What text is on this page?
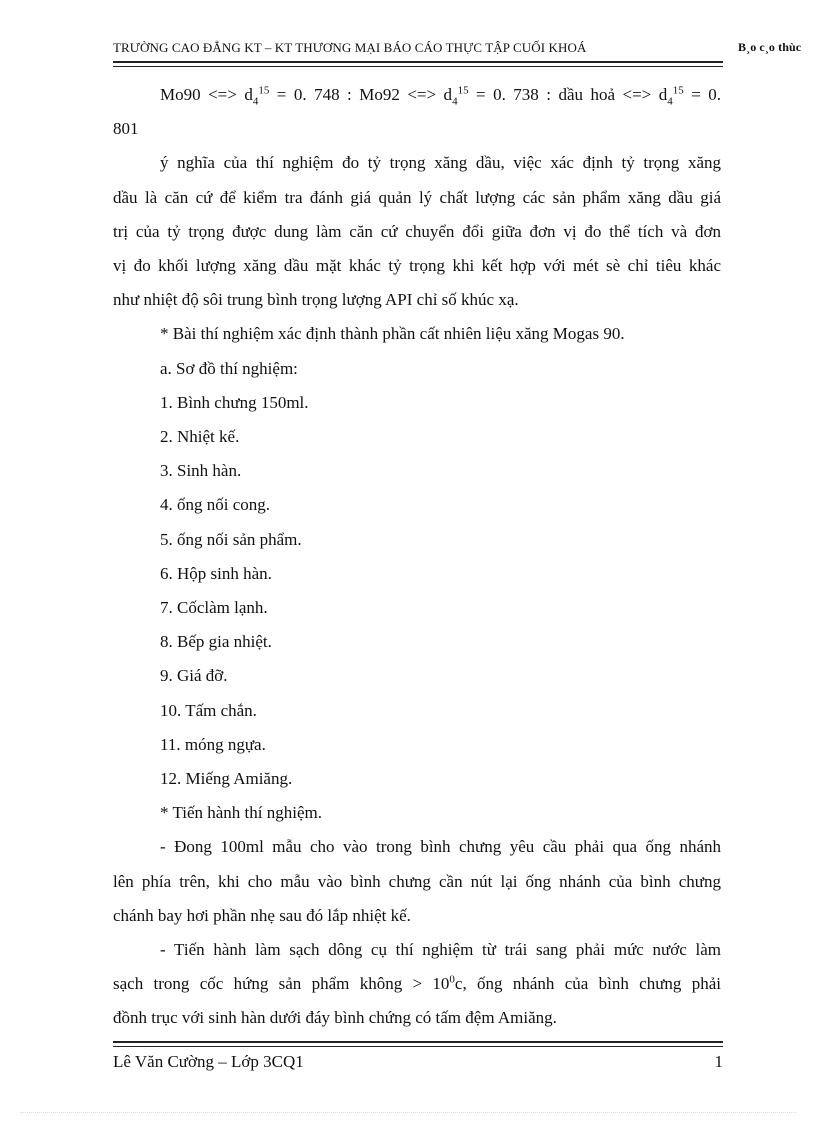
TRƯỜNG CAO ĐẲNG KT – KT THƯƠNG MẠI BÁO CÁO THỰC TẬP CUỐI KHOÁ	B¸o c¸o thùc

Mo90 <=> $d_4^{15} = 0$. 748 : Mo92 <=> $d_4^{15} = 0$. 738 : dầu hoả <=> $d_4^{15} = 0$.

801

ý nghĩa của thí nghiệm đo tỷ trọng xăng dầu, việc xác định tỷ trọng xăng

dầu là căn cứ để kiểm tra đánh giá quản lý chất lượng các sản phẩm xăng dầu giá

trị của tỷ trọng được dung làm căn cứ chuyển đổi giữa đơn vị đo thể tích và đơn

vị đo khối lượng xăng dầu mặt khác tỷ trọng khi kết hợp với mét sè chỉ tiêu khác

như nhiệt độ sôi trung bình trọng lượng API chỉ số khúc xạ.

* Bài thí nghiệm xác định thành phần cất nhiên liệu xăng Mogas 90.

a. Sơ đồ thí nghiệm:

1. Bình chưng 150ml.

2. Nhiệt kế.

3. Sinh hàn.

4. ống nối cong.

5. ống nối sản phẩm.

6. Hộp sinh hàn.

7. Cốclàm lạnh.

8. Bếp gia nhiệt.

9. Giá đỡ.

10. Tấm chắn.

11. móng ngựa.

12. Miếng Amiăng.

* Tiến hành thí nghiệm.

- Đong 100ml mẫu cho vào trong bình chưng yêu cầu phải qua ống nhánh

lên phía trên, khi cho mẫu vào bình chưng cần nút lại ống nhánh của bình chưng

chánh bay hơi phần nhẹ sau đó lắp nhiệt kế.

- Tiến hành làm sạch dông cụ thí nghiệm từ trái sang phải mức nước làm

sạch trong cốc hứng sản phẩm không > $10^0c$, ống nhánh của bình chưng phải

đồnh trục với sinh hàn dưới đáy bình chứng có tấm đệm Amiăng.

Lê Văn Cường – Lớp 3CQ1	1
